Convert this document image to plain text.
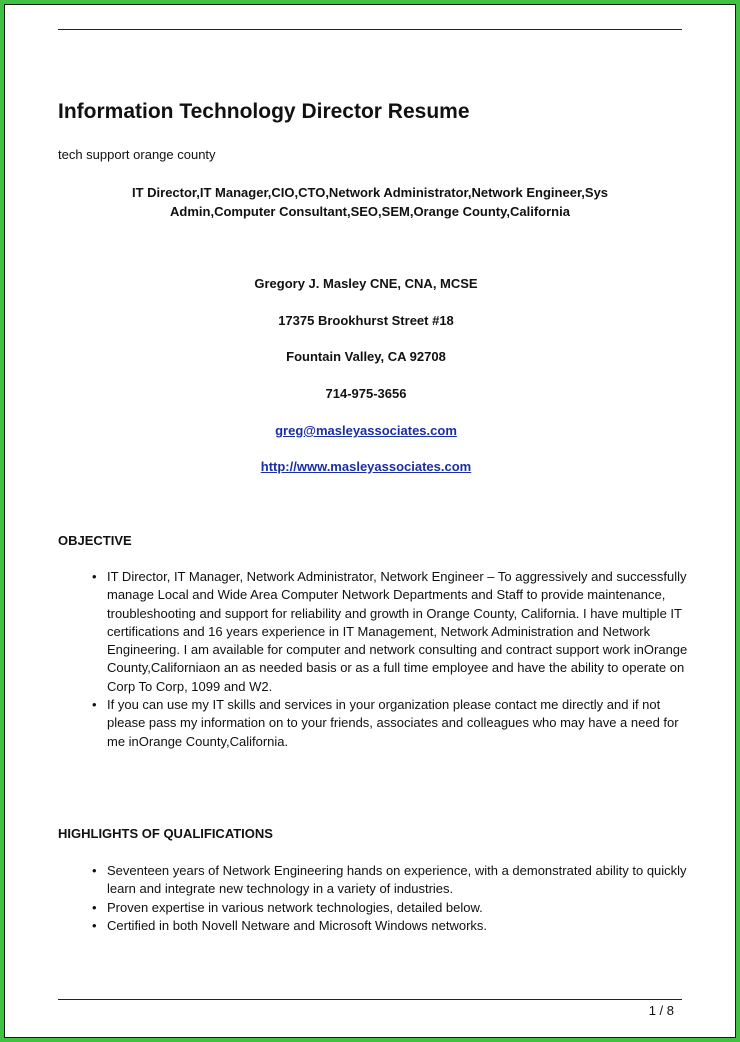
Information Technology Director Resume

tech support orange county

IT Director,IT Manager,CIO,CTO,Network Administrator,Network Engineer,Sys
Admin,Computer Consultant,SEO,SEM,Orange County,California

Gregory J. Masley CNE, CNA, MCSE

17375 Brookhurst Street #18

Fountain Valley, CA 92708

714-975-3656

greg@masleyassociates.com

http://www.masleyassociates.com

OBJECTIVE

• IT Director, IT Manager, Network Administrator, Network Engineer – To aggressively and successfully manage Local and Wide Area Computer Network Departments and Staff to provide maintenance, troubleshooting and support for reliability and growth in Orange County, California. I have multiple IT certifications and 16 years experience in IT Management, Network Administration and Network Engineering. I am available for computer and network consulting and contract support work inOrange County,Californiaon an as needed basis or as a full time employee and have the ability to operate on Corp To Corp, 1099 and W2.
• If you can use my IT skills and services in your organization please contact me directly and if not please pass my information on to your friends, associates and colleagues who may have a need for me inOrange County,California.

HIGHLIGHTS OF QUALIFICATIONS

• Seventeen years of Network Engineering hands on experience, with a demonstrated ability to quickly learn and integrate new technology in a variety of industries.
• Proven expertise in various network technologies, detailed below.
• Certified in both Novell Netware and Microsoft Windows networks.

1 / 8
